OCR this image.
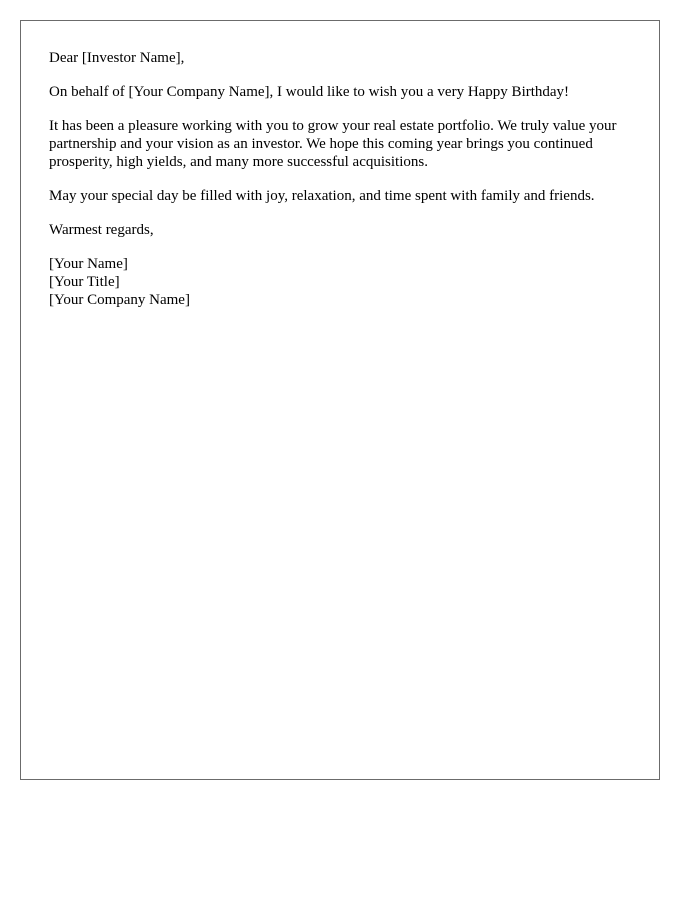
Dear [Investor Name],

On behalf of [Your Company Name], I would like to wish you a very Happy Birthday!

It has been a pleasure working with you to grow your real estate portfolio. We truly value your partnership and your vision as an investor. We hope this coming year brings you continued prosperity, high yields, and many more successful acquisitions.

May your special day be filled with joy, relaxation, and time spent with family and friends.

Warmest regards,

[Your Name]
[Your Title]
[Your Company Name]
